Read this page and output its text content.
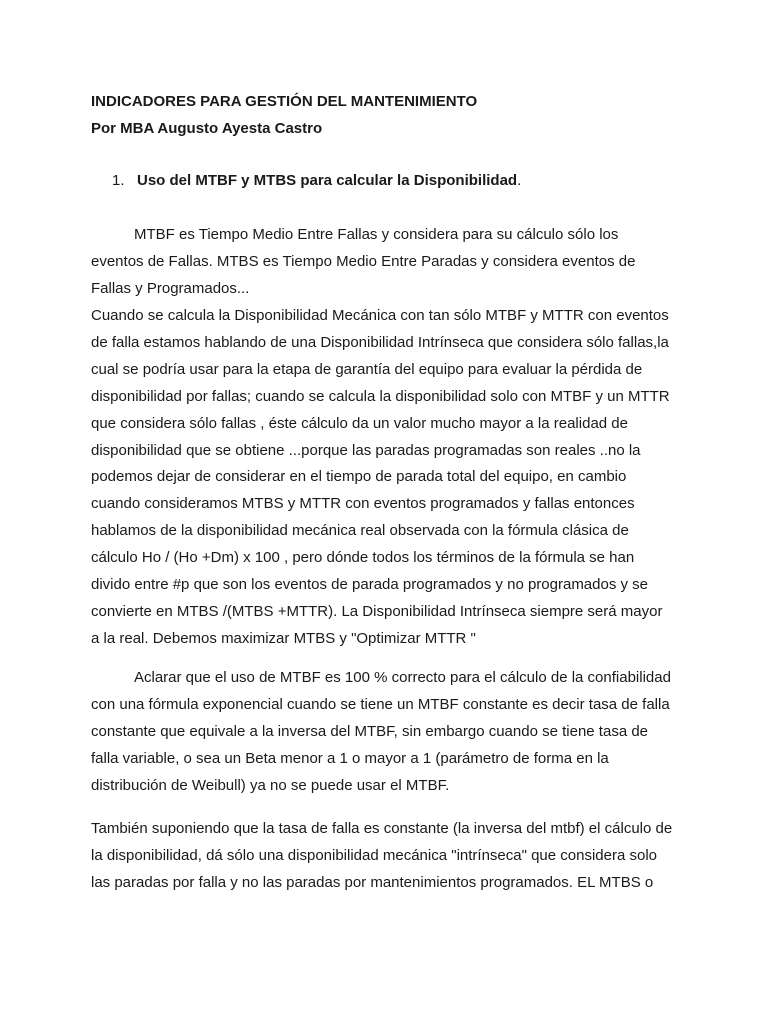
INDICADORES PARA GESTIÓN DEL MANTENIMIENTO
Por MBA Augusto Ayesta Castro
1. Uso del MTBF y MTBS para calcular la Disponibilidad.
MTBF es Tiempo Medio Entre Fallas y considera para su cálculo sólo los
eventos de Fallas. MTBS es Tiempo Medio Entre Paradas y considera eventos de
Fallas y Programados...
Cuando se calcula la Disponibilidad Mecánica con tan sólo MTBF y MTTR con eventos
de falla estamos hablando de una Disponibilidad Intrínseca que considera sólo fallas,la
cual se podría usar para la etapa de garantía del equipo para evaluar la pérdida de
disponibilidad por fallas; cuando se calcula la disponibilidad solo con MTBF y un MTTR
que considera sólo fallas , éste cálculo da un valor mucho mayor a la realidad de
disponibilidad que se obtiene ...porque las paradas programadas son reales ..no la
podemos dejar de considerar en el tiempo de parada total del equipo, en cambio
cuando consideramos MTBS y MTTR con eventos programados y fallas entonces
hablamos de la disponibilidad mecánica real observada con la fórmula clásica de
cálculo Ho / (Ho +Dm) x 100 , pero dónde todos los términos de la fórmula se han
divido entre #p que son los eventos de parada programados y no programados y se
convierte en MTBS /(MTBS +MTTR). La Disponibilidad Intrínseca siempre será mayor
a la real. Debemos maximizar MTBS y "Optimizar MTTR "
Aclarar que el uso de MTBF es 100 % correcto para el cálculo de la confiabilidad
con una fórmula exponencial cuando se tiene un MTBF constante es decir tasa de falla
constante que equivale a la inversa del MTBF, sin embargo cuando se tiene tasa de
falla variable, o sea un Beta menor a 1 o mayor a 1 (parámetro de forma en la
distribución de Weibull) ya no se puede usar el MTBF.
También suponiendo que la tasa de falla es constante (la inversa del mtbf) el cálculo de
la disponibilidad, dá sólo una disponibilidad mecánica "intrínseca" que considera solo
las paradas por falla y no las paradas por mantenimientos programados. EL MTBS o
